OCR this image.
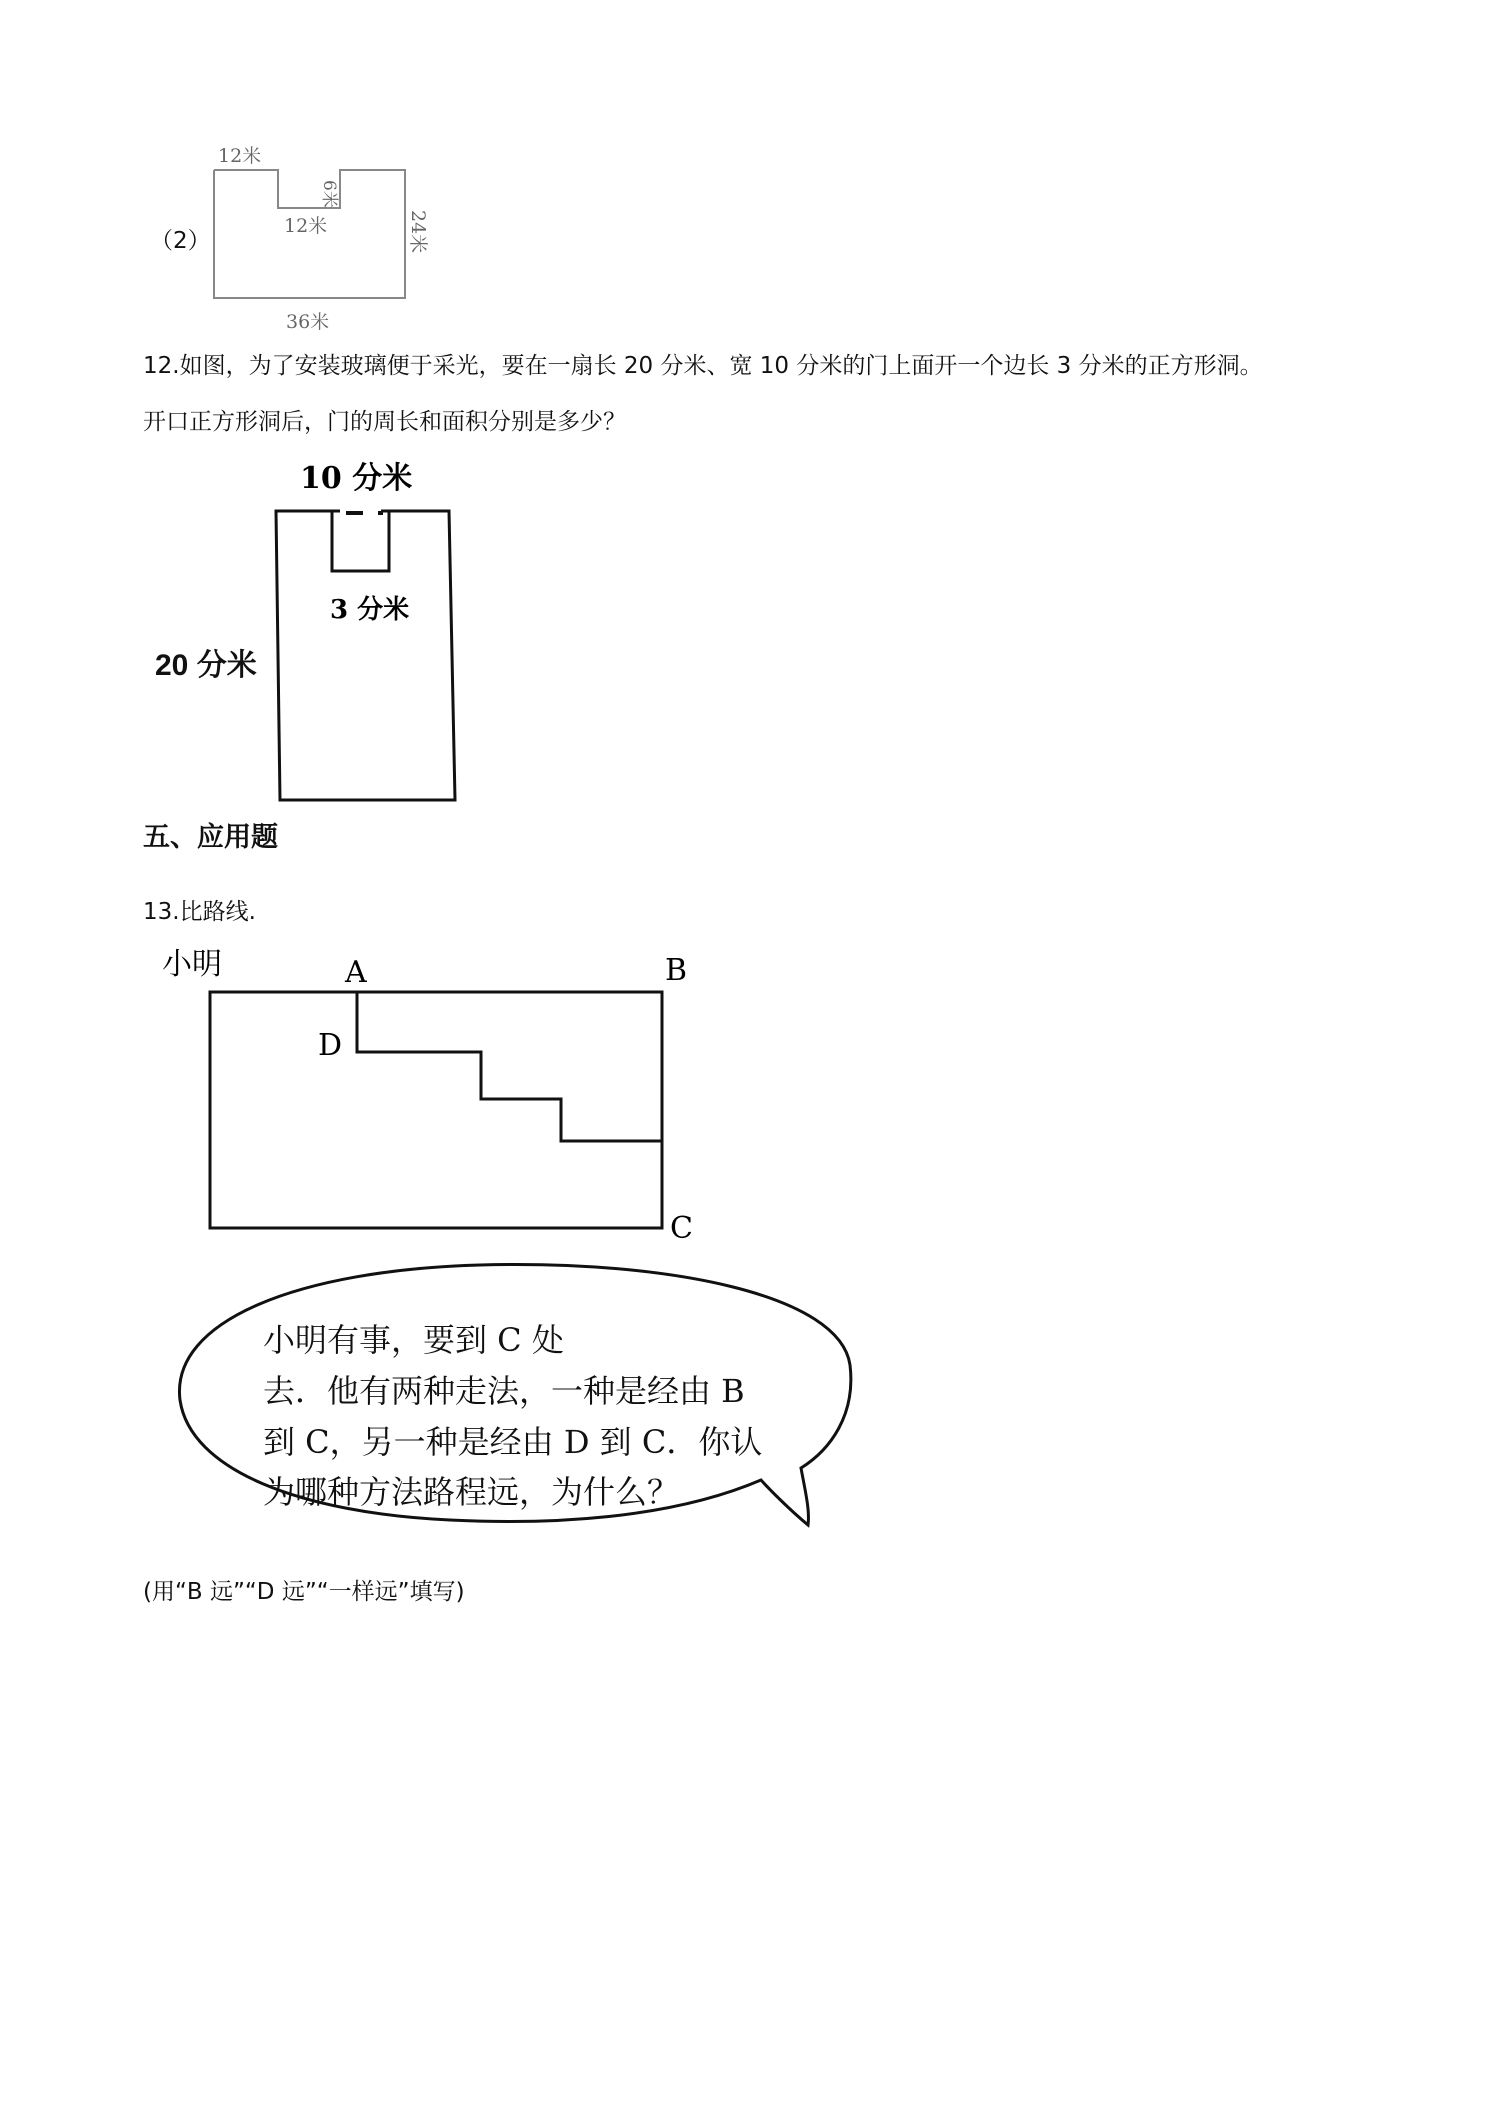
（2）
12米
12米
6米
24米
36米
12.如图，为了安装玻璃便于采光，要在一扇长 20 分米、宽 10 分米的门上面开一个边长 3 分米的正方形洞。
开口正方形洞后，门的周长和面积分别是多少？
10 分米
3 分米
20 分米
五、应用题
13.比路线.
小明	A	B
D
C
小明有事，要到 C 处
去．他有两种走法，一种是经由 B
到 C，另一种是经由 D 到 C．你认
为哪种方法路程远，为什么？
(用“B 远”“D 远”“一样远”填写)
